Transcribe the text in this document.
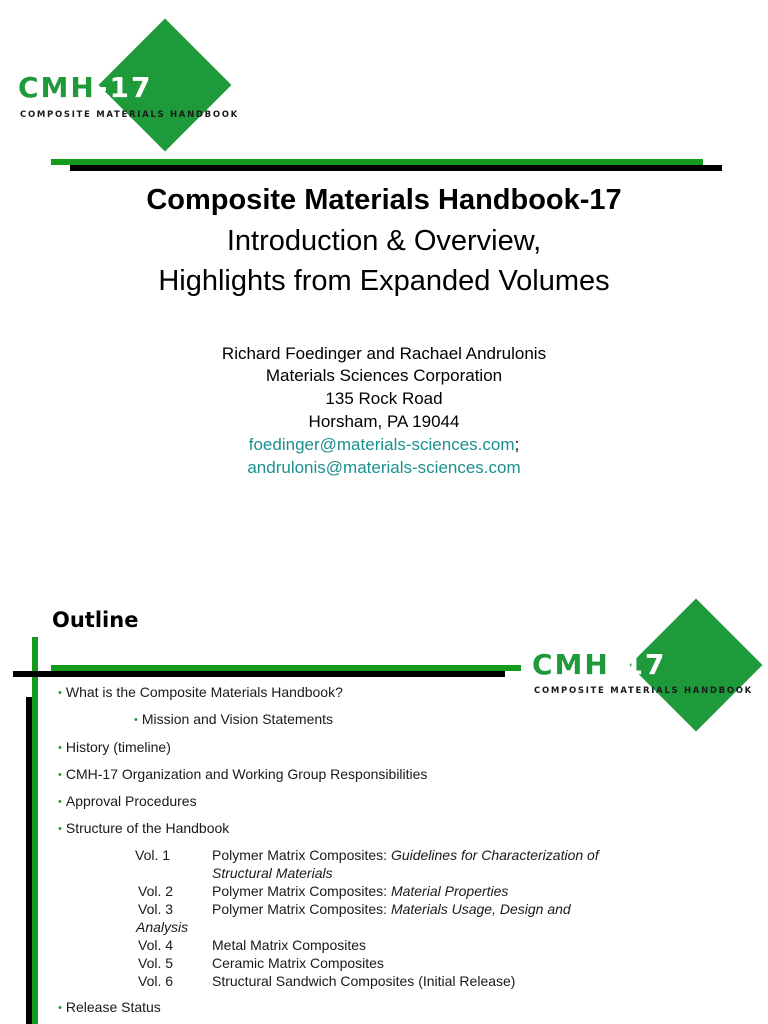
CMH-17
COMPOSITE MATERIALS HANDBOOK
Composite Materials Handbook-17
Introduction & Overview,
Highlights from Expanded Volumes
Richard Foedinger and Rachael Andrulonis
Materials Sciences Corporation
135 Rock Road
Horsham, PA 19044
foedinger@materials-sciences.com;
andrulonis@materials-sciences.com
Outline
CMH-17
COMPOSITE MATERIALS HANDBOOK
• What is the Composite Materials Handbook?
• Mission and Vision Statements
• History (timeline)
• CMH-17 Organization and Working Group Responsibilities
• Approval Procedures
• Structure of the Handbook
Vol. 1	Polymer Matrix Composites: Guidelines for Characterization of
Structural Materials
Vol. 2	Polymer Matrix Composites: Material Properties
Vol. 3	Polymer Matrix Composites: Materials Usage, Design and
Analysis
Vol. 4	Metal Matrix Composites
Vol. 5	Ceramic Matrix Composites
Vol. 6	Structural Sandwich Composites (Initial Release)
• Release Status
